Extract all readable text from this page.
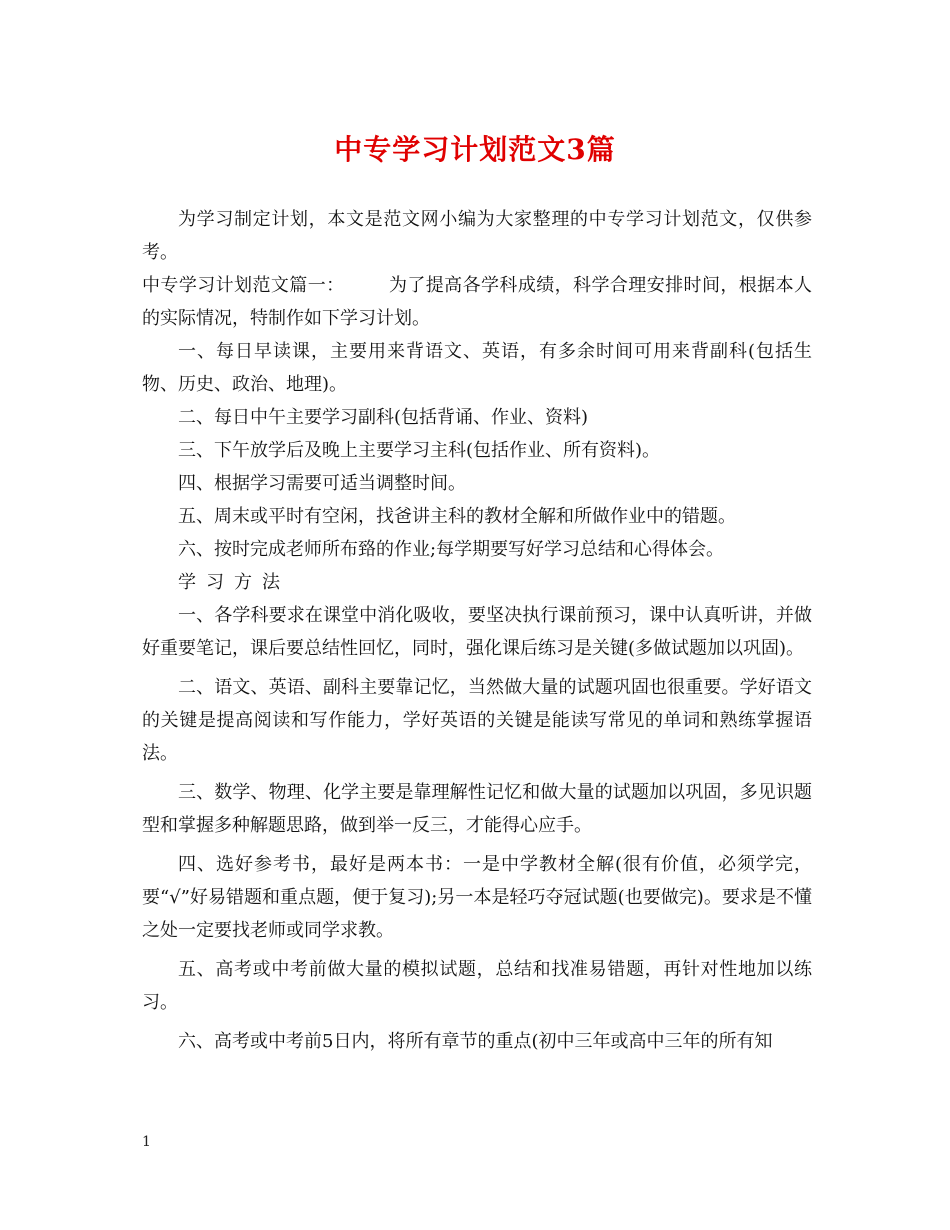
中专学习计划范文3篇

为学习制定计划，本文是范文网小编为大家整理的中专学习计划范文，仅供参考。

中专学习计划范文篇一： 为了提高各学科成绩，科学合理安排时间，根据本人的实际情况，特制作如下学习计划。

一、每日早读课，主要用来背语文、英语，有多余时间可用来背副科(包括生物、历史、政治、地理)。

二、每日中午主要学习副科(包括背诵、作业、资料)

三、下午放学后及晚上主要学习主科(包括作业、所有资料)。

四、根据学习需要可适当调整时间。

五、周末或平时有空闲，找爸讲主科的教材全解和所做作业中的错题。

六、按时完成老师所布臵的作业;每学期要写好学习总结和心得体会。

学习方法

一、各学科要求在课堂中消化吸收，要坚决执行课前预习，课中认真听讲，并做好重要笔记，课后要总结性回忆，同时，强化课后练习是关键(多做试题加以巩固)。

二、语文、英语、副科主要靠记忆，当然做大量的试题巩固也很重要。学好语文的关键是提高阅读和写作能力，学好英语的关键是能读写常见的单词和熟练掌握语法。

三、数学、物理、化学主要是靠理解性记忆和做大量的试题加以巩固，多见识题型和掌握多种解题思路，做到举一反三，才能得心应手。

四、选好参考书，最好是两本书：一是中学教材全解(很有价值，必须学完，要“√”好易错题和重点题，便于复习);另一本是轻巧夺冠试题(也要做完)。要求是不懂之处一定要找老师或同学求教。

五、高考或中考前做大量的模拟试题，总结和找准易错题，再针对性地加以练习。

六、高考或中考前5日内，将所有章节的重点(初中三年或高中三年的所有知

1
